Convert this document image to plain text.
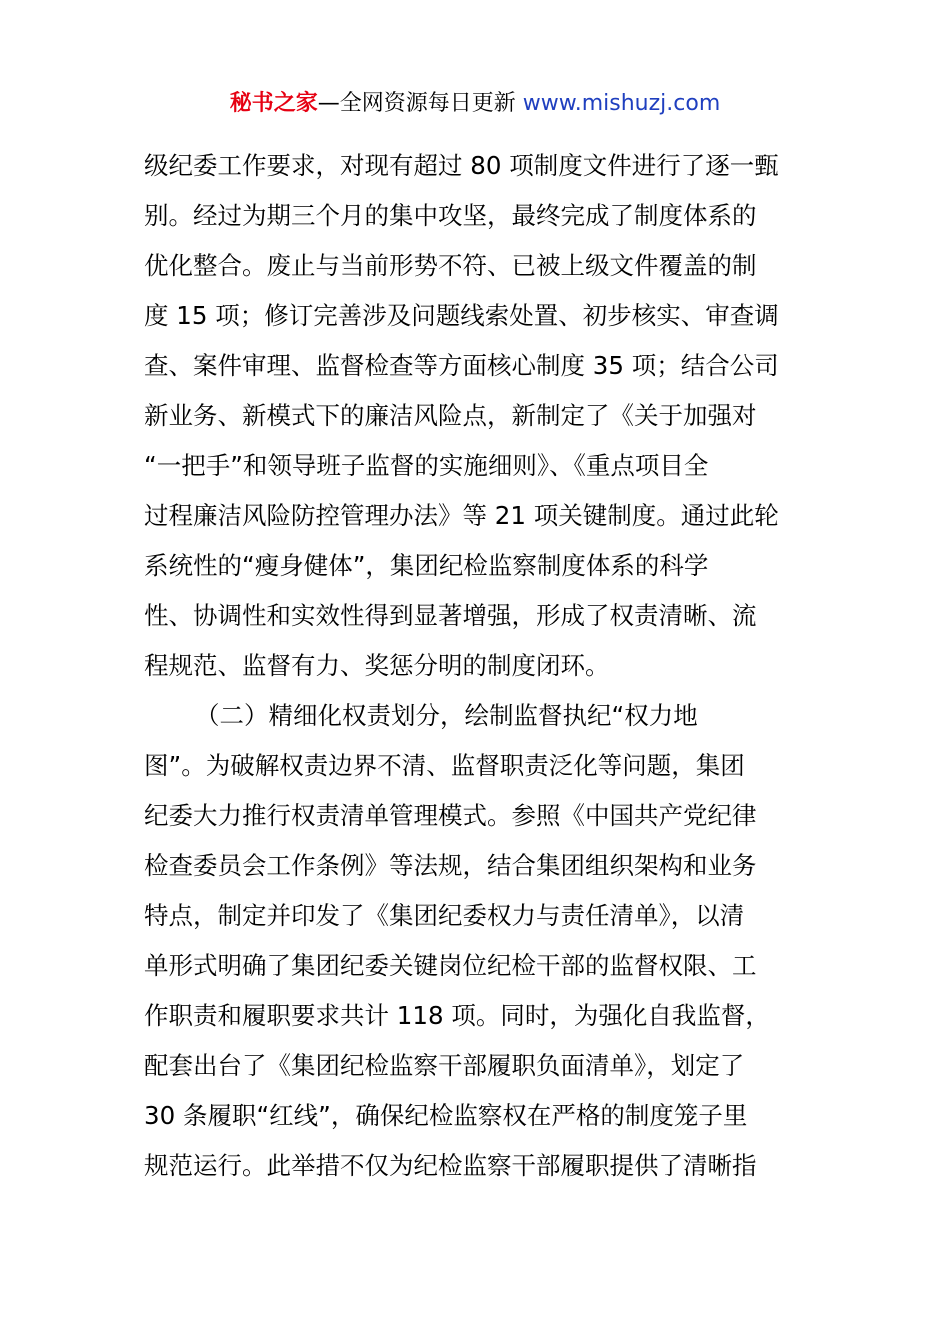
秘书之家—全网资源每日更新 www.mishuzj.com
级纪委工作要求，对现有超过 80 项制度文件进行了逐一甄
别。经过为期三个月的集中攻坚，最终完成了制度体系的
优化整合。废止与当前形势不符、已被上级文件覆盖的制
度 15 项；修订完善涉及问题线索处置、初步核实、审查调
查、案件审理、监督检查等方面核心制度 35 项；结合公司
新业务、新模式下的廉洁风险点，新制定了《关于加强对
“一把手”和领导班子监督的实施细则》、《重点项目全
过程廉洁风险防控管理办法》等 21 项关键制度。通过此轮
系统性的“瘦身健体”，集团纪检监察制度体系的科学
性、协调性和实效性得到显著增强，形成了权责清晰、流
程规范、监督有力、奖惩分明的制度闭环。
（二）精细化权责划分，绘制监督执纪“权力地
图”。为破解权责边界不清、监督职责泛化等问题，集团
纪委大力推行权责清单管理模式。参照《中国共产党纪律
检查委员会工作条例》等法规，结合集团组织架构和业务
特点，制定并印发了《集团纪委权力与责任清单》，以清
单形式明确了集团纪委关键岗位纪检干部的监督权限、工
作职责和履职要求共计 118 项。同时，为强化自我监督，
配套出台了《集团纪检监察干部履职负面清单》，划定了
30 条履职“红线”，确保纪检监察权在严格的制度笼子里
规范运行。此举措不仅为纪检监察干部履职提供了清晰指
